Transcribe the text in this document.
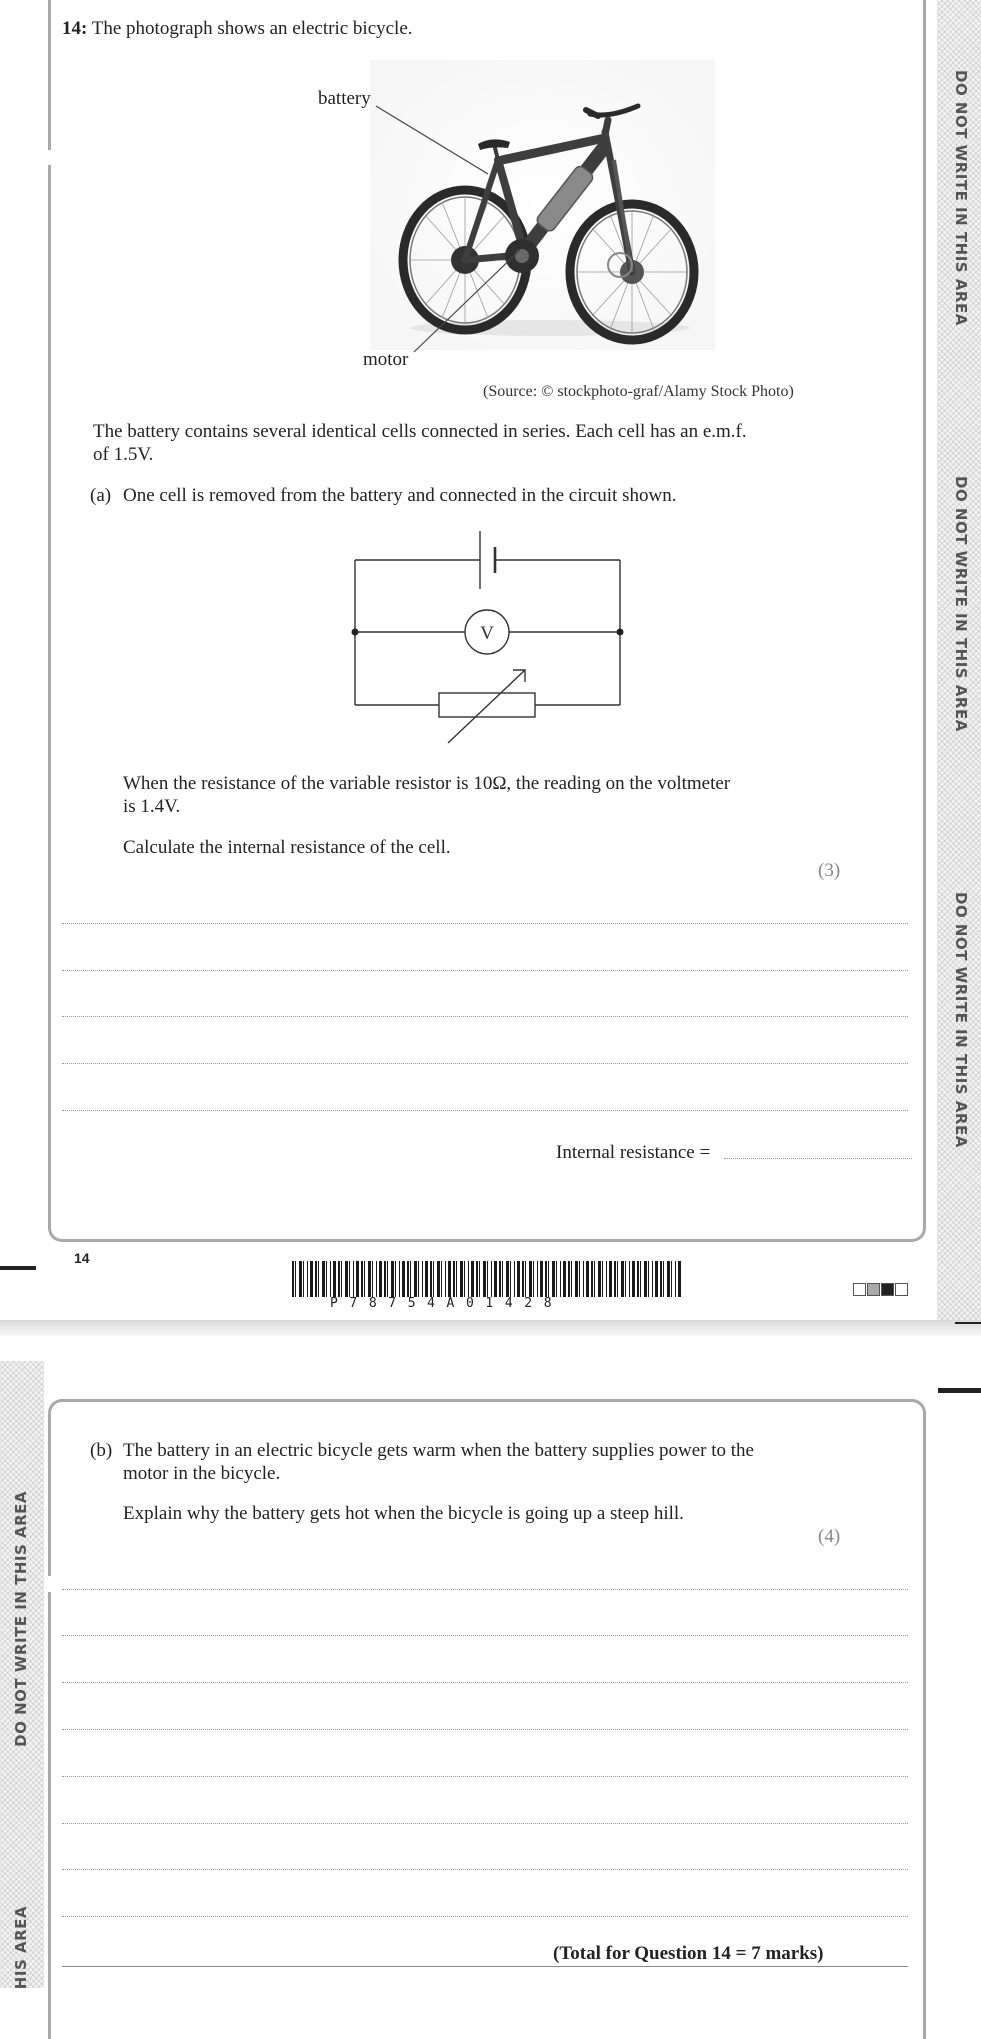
14: The photograph shows an electric bicycle.
battery
motor
(Source: © stockphoto-graf/Alamy Stock Photo)
The battery contains several identical cells connected in series. Each cell has an e.m.f.
of 1.5V.
(a) One cell is removed from the battery and connected in the circuit shown.
V
When the resistance of the variable resistor is 10Ω, the reading on the voltmeter
is 1.4V.
Calculate the internal resistance of the cell.
(3)
Internal resistance =
DO NOT WRITE IN THIS AREA
DO NOT WRITE IN THIS AREA
DO NOT WRITE IN THIS AREA
14
P78754A01428
DO NOT WRITE IN THIS AREA
HIS AREA
(b) The battery in an electric bicycle gets warm when the battery supplies power to the
motor in the bicycle.
Explain why the battery gets hot when the bicycle is going up a steep hill.
(4)
(Total for Question 14 = 7 marks)
